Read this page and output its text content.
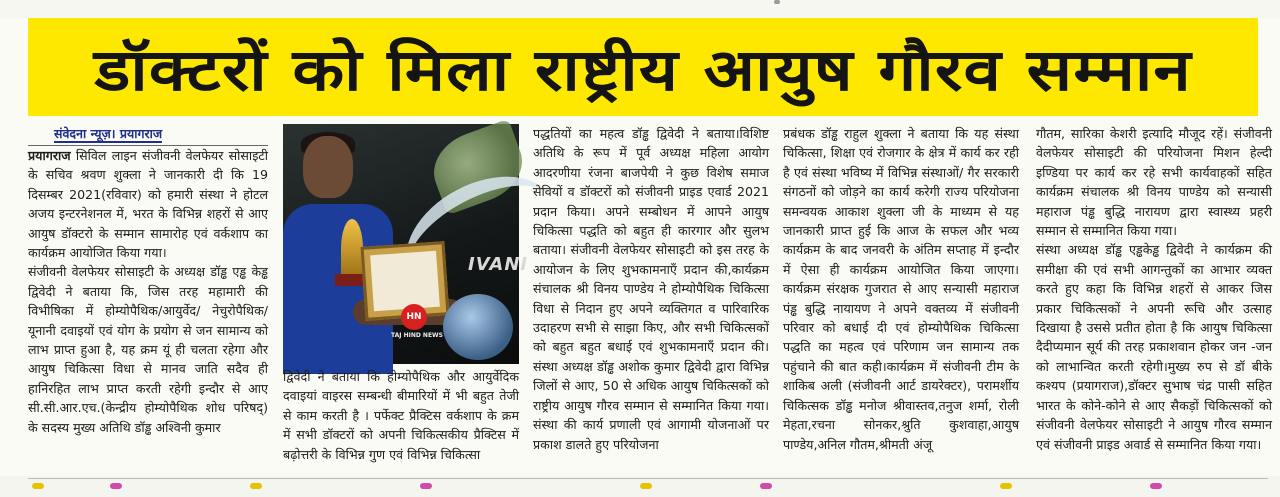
डॉक्टरों को मिला राष्ट्रीय आयुष गौरव सम्मान
संवेदना न्यूज़। प्रयागराज

प्रयागराज सिविल लाइन संजीवनी वेलफेयर सोसाइटी के सचिव श्रवण शुक्ला ने जानकारी दी कि 19 दिसम्बर 2021(रविवार) को हमारी संस्था ने होटल अजय इन्टरनेशनल में, भरत के विभिन्न शहरों से आए आयुष डॉक्टरो के सम्मान सामारोह एवं वर्कशाप का कार्यक्रम आयोजित किया गया।

संजीवनी वेलफेयर सोसाइटी के अध्यक्ष डॉड्ढ एड्ढ केड्ढ द्विवेदी ने बताया कि, जिस तरह महामारी की विभीषिका में होम्योपैथिक/आयुर्वेद/ नेचुरोपैथिक/ यूनानी दवाइयों एवं योग के प्रयोग से जन सामान्य को लाभ प्राप्त हुआ है, यह क्रम यूं ही चलता रहेगा और आयुष चिकित्सा विधा से मानव जाति सदैव ही हानिरहित लाभ प्राप्त करती रहेगी इन्दौर से आए सी.सी.आर.एच.(केन्द्रीय होम्योपैथिक शोध परिषद्) के सदस्य मुख्य अतिथि डॉड्ढ अश्विनी कुमार

HN
TAJ HIND NEWS
IVANI

द्विवेदी ने बताया कि होम्योपैथिक और आयुर्वेदिक दवाइयां वाइरस सम्बन्धी बीमारियों में भी बहुत तेजी से काम करती है । पर्फेक्ट प्रैक्टिस वर्कशाप के क्रम में सभी डॉक्टरों को अपनी चिकित्सकीय प्रैक्टिस में बढ़ोत्तरी के विभिन्न गुण एवं विभिन्न चिकित्सा

पद्धतियों का महत्व डॉड्ढ द्विवेदी ने बताया।विशिष्ट अतिथि के रूप में पूर्व अध्यक्ष महिला आयोग आदरणीया रंजना बाजपेयी ने कुछ विशेष समाज सेवियों व डॉक्टरों को संजीवनी प्राइड एवार्ड 2021 प्रदान किया। अपने सम्बोधन में आपने आयुष चिकित्सा पद्धति को बहुत ही कारगार और सुलभ बताया। संजीवनी वेलफेयर सोसाइटी को इस तरह के आयोजन के लिए शुभकामनाएँ प्रदान की,कार्यक्रम संचालक श्री विनय पाण्डेय ने होम्योपैथिक चिकित्सा विधा से निदान हुए अपने व्यक्तिगत व पारिवारिक उदाहरण सभी से साझा किए, और सभी चिकित्सकों को बहुत बहुत बधाई एवं शुभकामनाएँ प्रदान की।संस्था अध्यक्ष डॉड्ढ अशोक कुमार द्विवेदी द्वारा विभिन्न जिलों से आए, 50 से अधिक आयुष चिकित्सकों को राष्ट्रीय आयुष गौरव सम्मान से सम्मानित किया गया।संस्था की कार्य प्रणाली एवं आगामी योजनाओं पर प्रकाश डालते हुए परियोजना

प्रबंधक डॉड्ढ राहुल शुक्ला ने बताया कि यह संस्था चिकित्सा, शिक्षा एवं रोजगार के क्षेत्र में कार्य कर रही है एवं संस्था भविष्य में विभिन्न संस्थाओं/ गैर सरकारी संगठनों को जोड़ने का कार्य करेगी राज्य परियोजना समन्वयक आकाश शुक्ला जी के माध्यम से यह जानकारी प्राप्त हुई कि आज के सफल और भव्य कार्यक्रम के बाद जनवरी के अंतिम सप्ताह में इन्दौर में ऐसा ही कार्यक्रम आयोजित किया जाएगा।कार्यक्रम संरक्षक गुजरात से आए सन्यासी महाराज पंड्ढ बुद्धि नायायण ने अपने वक्तव्य में संजीवनी परिवार को बधाई दी एवं होम्योपैथिक चिकित्सा पद्धति का महत्व एवं परिणाम जन सामान्य तक पहुंचाने की बात कही।कार्यक्रम में संजीवनी टीम के शाकिब अली (संजीवनी आर्ट डायरेक्टर), परामर्शीय चिकित्सक डॉड्ढ मनोज श्रीवास्तव,तनुज शर्मा, रोली मेहता,रचना सोनकर,श्रुति कुशवाहा,आयुष पाण्डेय,अनिल गौतम,श्रीमती अंजू

गौतम, सारिका केशरी इत्यादि मौजूद रहें। संजीवनी वेलफेयर सोसाइटी की परियोजना मिशन हेल्दी इण्डिया पर कार्य कर रहे सभी कार्यवाहकों सहित कार्यक्रम संचालक श्री विनय पाण्डेय को सन्यासी महाराज पंड्ढ बुद्धि नारायण द्वारा स्वास्थ्य प्रहरी सम्मान से सम्मानित किया गया।

संस्था अध्यक्ष डॉड्ढ एड्ढकेड्ढ द्विवेदी ने कार्यक्रम की समीक्षा की एवं सभी आगन्तुकों का आभार व्यक्त करते हुए कहा कि विभिन्न शहरों से आकर जिस प्रकार चिकित्सकों ने अपनी रूचि और उत्साह दिखाया है उससे प्रतीत होता है कि आयुष चिकित्सा दैदीप्यमान सूर्य की तरह प्रकाशवान होकर जन -जन को लाभान्वित करती रहेगी।मुख्य रुप से डॉ बीके कश्यप (प्रयागराज),डॉक्टर सुभाष चंद्र पासी सहित भारत के कोने-कोने से आए सैकड़ों चिकित्सकों को संजीवनी वेलफेयर सोसाइटी ने आयुष गौरव सम्मान एवं संजीवनी प्राइड अवार्ड से सम्मानित किया गया।
